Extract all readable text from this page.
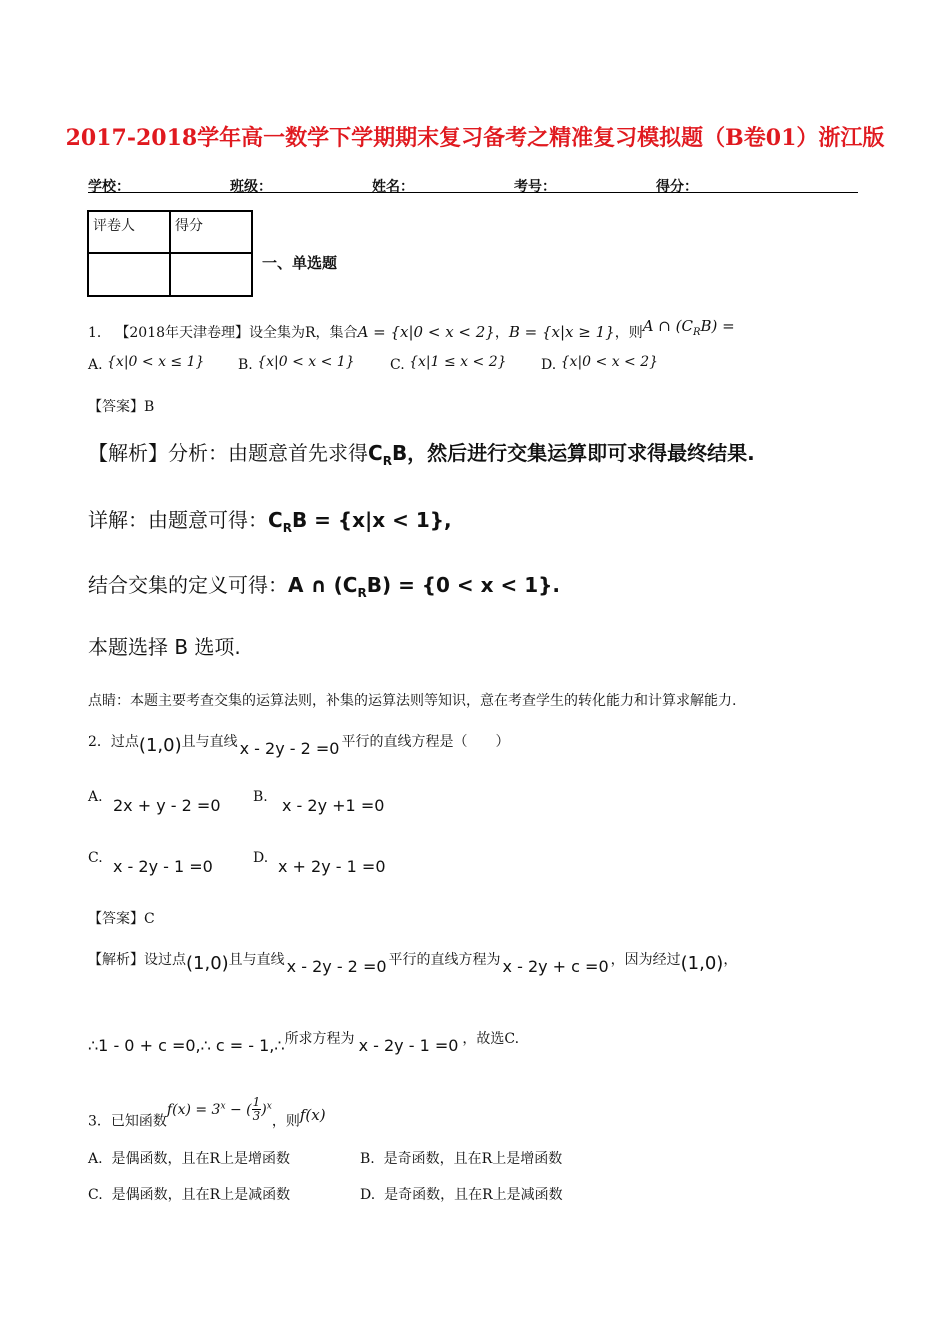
2017-2018学年高一数学下学期期末复习备考之精准复习模拟题（B卷01）浙江版
学校：	班级：	姓名：	考号：	得分：
评卷人	得分

一、单选题
1． 【2018年天津卷理】设全集为R，集合A = {x|0 < x < 2}，B = {x|x ≥ 1}，则A ∩ $(C_RB)$ =
A. {x|0 < x ≤ 1} B. {x|0 < x < 1}	C. {x|1 ≤ x < 2} D. {x|0 < x < 2}
【答案】B
【解析】分析：由题意首先求得$C_RB$，然后进行交集运算即可求得最终结果.
详解：由题意可得：$C_RB = \{x|x < 1\}$,
结合交集的定义可得：A ∩ $(C_RB) = \{0 < x < 1\}$.
本题选择 B 选项.
点睛：本题主要考查交集的运算法则，补集的运算法则等知识，意在考查学生的转化能力和计算求解能力.
2．过点(1,0)且与直线 x - 2y - 2 =0 平行的直线方程是（　　）
A. 2x + y - 2 =0 B. x - 2y +1 =0
C. x - 2y - 1 =0	D. x + 2y - 1 =0
【答案】C
【解析】设过点(1,0)且与直线 x - 2y - 2 =0 平行的直线方程为 x - 2y + c =0 ，因为经过(1,0)，
∴1 - 0 + c =0,∴ c = - 1,∴所求方程为 x - 2y - 1 =0 ，故选C.
3．已知函数$f(x) = 3^x$ − ( $\frac{1}{3} )^x$，则f(x)
A. 是偶函数，且在R上是增函数	B. 是奇函数，且在R上是增函数
C. 是偶函数，且在R上是减函数	D. 是奇函数，且在R上是减函数
